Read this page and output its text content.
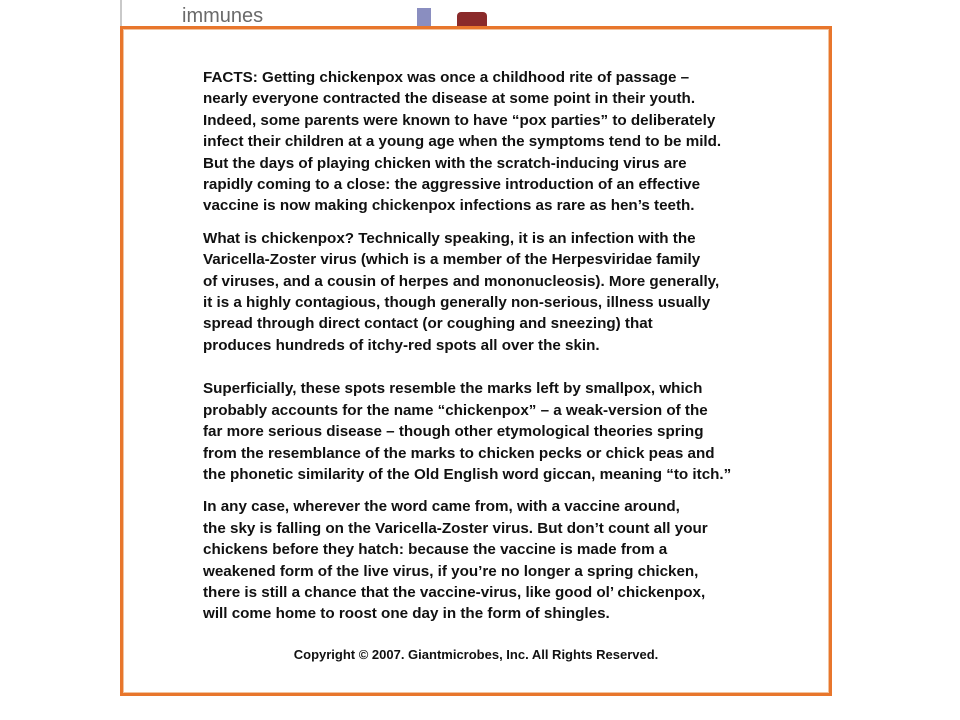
immunes

FACTS: Getting chickenpox was once a childhood rite of passage –
nearly everyone contracted the disease at some point in their youth.
Indeed, some parents were known to have “pox parties” to deliberately
infect their children at a young age when the symptoms tend to be mild.
But the days of playing chicken with the scratch-inducing virus are
rapidly coming to a close: the aggressive introduction of an effective
vaccine is now making chickenpox infections as rare as hen’s teeth.

What is chickenpox? Technically speaking, it is an infection with the
Varicella-Zoster virus (which is a member of the Herpesviridae family
of viruses, and a cousin of herpes and mononucleosis). More generally,
it is a highly contagious, though generally non-serious, illness usually
spread through direct contact (or coughing and sneezing) that
produces hundreds of itchy-red spots all over the skin.

Superficially, these spots resemble the marks left by smallpox, which
probably accounts for the name “chickenpox” – a weak-version of the
far more serious disease – though other etymological theories spring
from the resemblance of the marks to chicken pecks or chick peas and
the phonetic similarity of the Old English word giccan, meaning “to itch.”

In any case, wherever the word came from, with a vaccine around,
the sky is falling on the Varicella-Zoster virus. But don’t count all your
chickens before they hatch: because the vaccine is made from a
weakened form of the live virus, if you’re no longer a spring chicken,
there is still a chance that the vaccine-virus, like good ol’ chickenpox,
will come home to roost one day in the form of shingles.

Copyright © 2007. Giantmicrobes, Inc. All Rights Reserved.
